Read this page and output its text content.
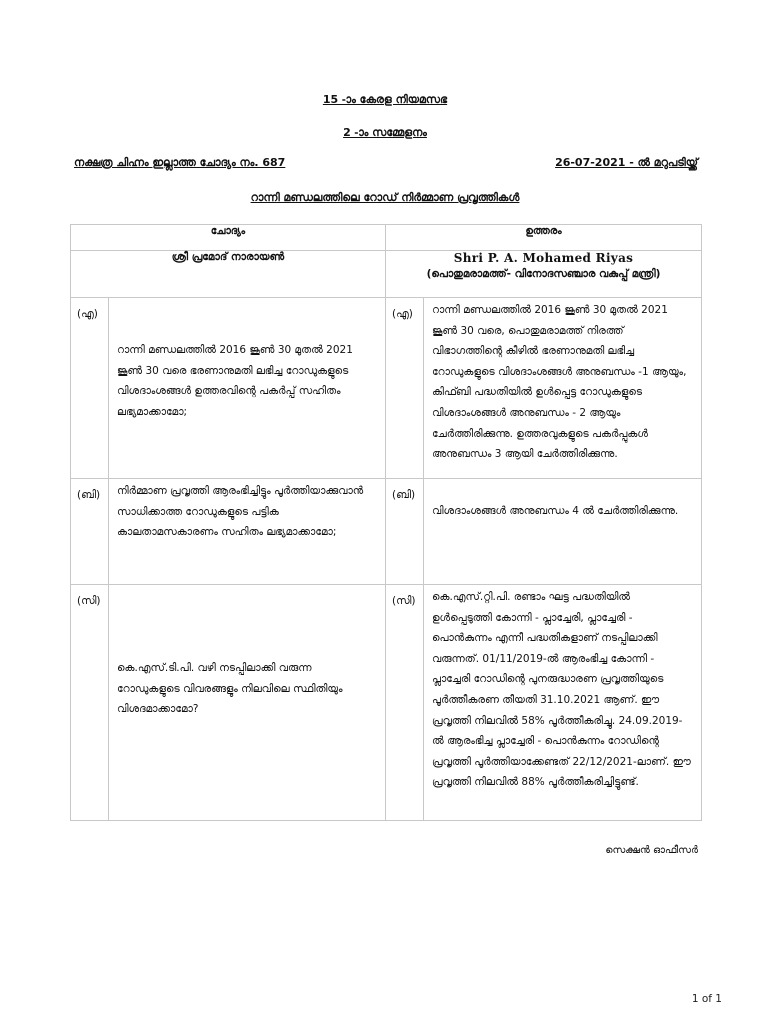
15 -ാം കേരള നിയമസഭ
2 -ാം സമ്മേളനം
നക്ഷത്ര ചിഹ്നം ഇല്ലാത്ത ചോദ്യം നം. 687	26-07-2021 - ൽ മറുപടിയ്ക്ക്
റാന്നി മണ്ഡലത്തിലെ റോഡ് നിർമ്മാണ പ്രവൃത്തികൾ
ചോദ്യം		ഉത്തരം	
ശ്രീ പ്രമോദ് നാരായൺ		Shri P. A. Mohamed Riyas
(പൊതുമരാമത്ത്- വിനോദസഞ്ചാര വകുപ്പ് മന്ത്രി)	

(എ)	റാന്നി മണ്ഡലത്തിൽ 2016 ജൂൺ 30 മുതൽ 2021 ജൂൺ 30 വരെ ഭരണാനുമതി ലഭിച്ച റോഡുകളുടെ വിശദാംശങ്ങൾ ഉത്തരവിന്റെ പകർപ്പ് സഹിതം ലഭ്യമാക്കാമോ;	(എ)	റാന്നി മണ്ഡലത്തിൽ 2016 ജൂൺ 30 മുതൽ 2021 ജൂൺ 30 വരെ, പൊതുമരാമത്ത് നിരത്ത് വിഭാഗത്തിന്റെ കീഴിൽ ഭരണാനുമതി ലഭിച്ച റോഡുകളുടെ വിശദാംശങ്ങൾ അനുബന്ധം -1 ആയും, കിഫ്ബി പദ്ധതിയിൽ ഉൾപ്പെട്ട റോഡുകളുടെ വിശദാംശങ്ങൾ അനുബന്ധം - 2 ആയും ചേർത്തിരിക്കുന്നു. ഉത്തരവുകളുടെ പകർപ്പുകൾ അനുബന്ധം 3 ആയി ചേർത്തിരിക്കുന്നു.

(ബി)	നിർമ്മാണ പ്രവൃത്തി ആരംഭിച്ചിട്ടും പൂർത്തിയാക്കുവാൻ സാധിക്കാത്ത റോഡുകളുടെ പട്ടിക കാലതാമസകാരണം സഹിതം ലഭ്യമാക്കാമോ;	(ബി)	വിശദാംശങ്ങൾ അനുബന്ധം 4 ൽ ചേർത്തിരിക്കുന്നു.

(സി)	കെ.എസ്.ടി.പി. വഴി നടപ്പിലാക്കി വരുന്ന റോഡുകളുടെ വിവരങ്ങളും നിലവിലെ സ്ഥിതിയും വിശദമാക്കാമോ?	(സി)	കെ.എസ്.റ്റി.പി. രണ്ടാം ഘട്ട പദ്ധതിയിൽ ഉൾപ്പെടുത്തി കോന്നി - പ്ലാച്ചേരി, പ്ലാച്ചേരി - പൊൻകുന്നം എന്നീ പദ്ധതികളാണ് നടപ്പിലാക്കി വരുന്നത്. 01/11/2019-ൽ ആരംഭിച്ച കോന്നി - പ്ലാച്ചേരി റോഡിന്റെ പുനരുദ്ധാരണ പ്രവൃത്തിയുടെ പൂർത്തീകരണ തീയതി 31.10.2021 ആണ്. ഈ പ്രവൃത്തി നിലവിൽ 58% പൂർത്തീകരിച്ചു. 24.09.2019-ൽ ആരംഭിച്ച പ്ലാച്ചേരി - പൊൻകുന്നം റോഡിന്റെ പ്രവൃത്തി പൂർത്തിയാക്കേണ്ടത് 22/12/2021-ലാണ്. ഈ പ്രവൃത്തി നിലവിൽ 88% പൂർത്തീകരിച്ചിട്ടുണ്ട്.
സെക്ഷൻ ഓഫീസർ
1 of 1
